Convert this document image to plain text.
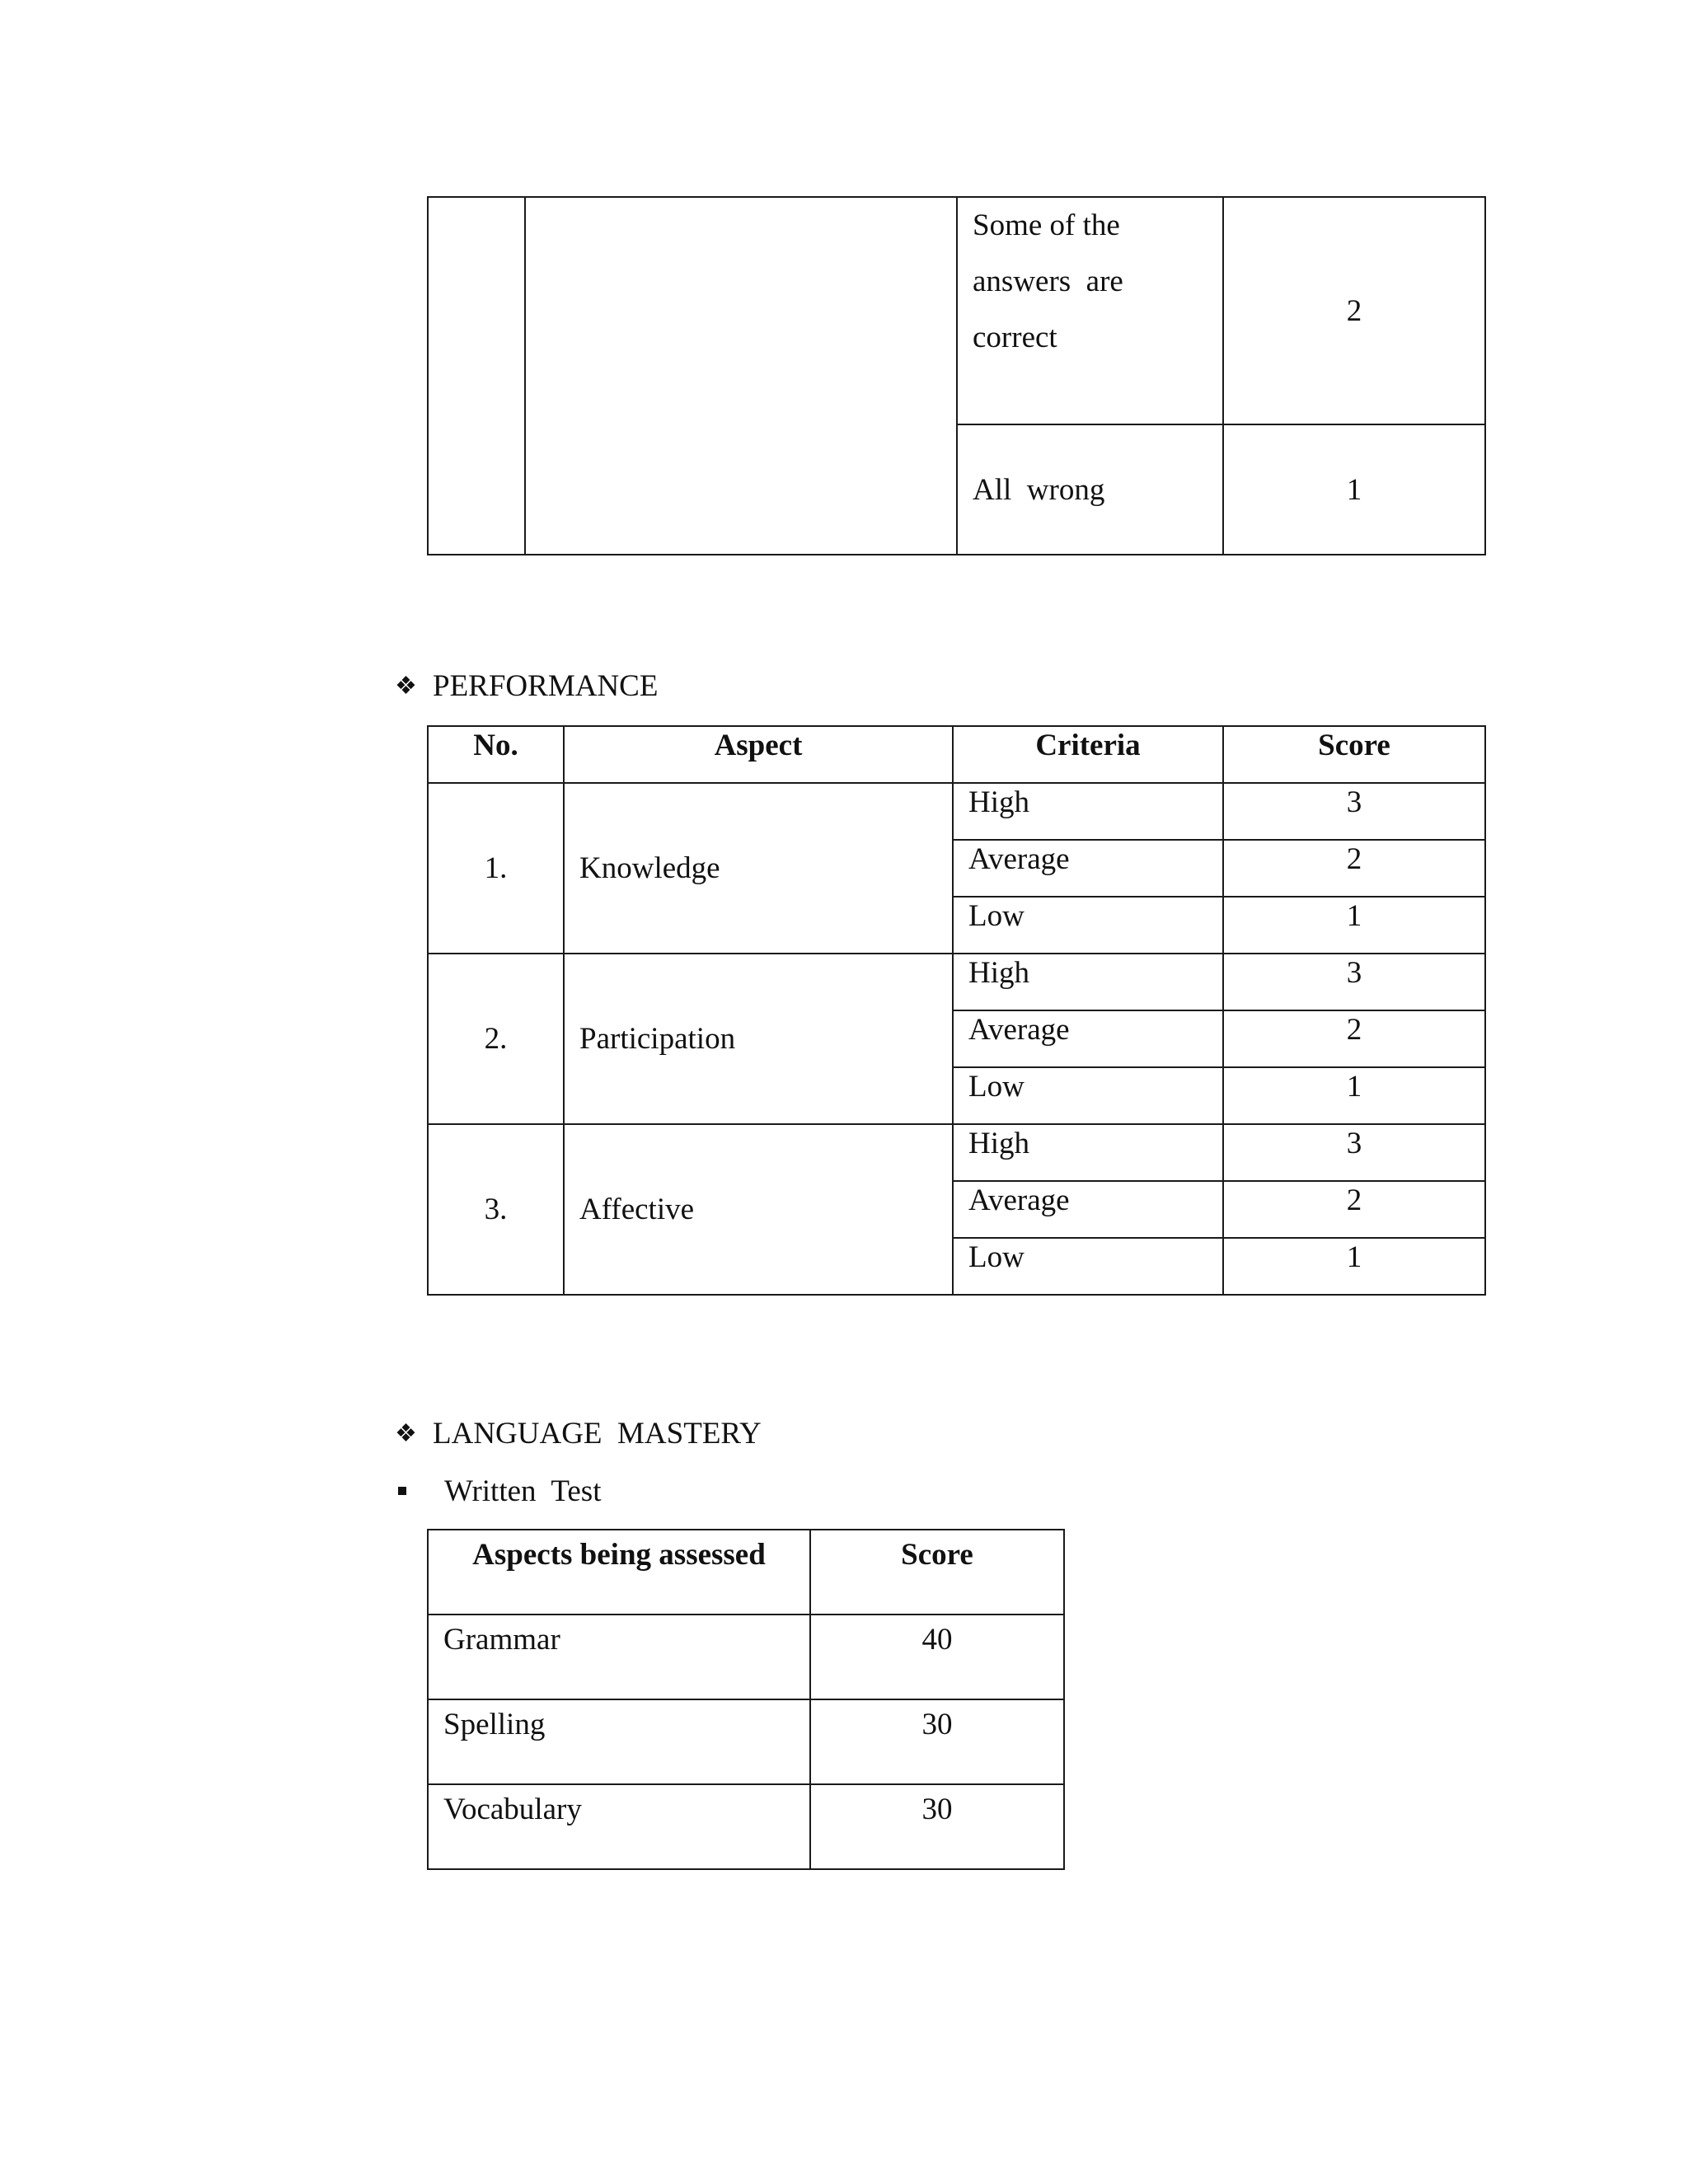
		Some of the
answers  are
correct	2
		All  wrong	1
❖ PERFORMANCE
No.	Aspect	Criteria	Score
1.	Knowledge	High	3
		Average	2
		Low	1
2.	Participation	High	3
		Average	2
		Low	1
3.	Affective	High	3
		Average	2
		Low	1
❖ LANGUAGE  MASTERY
Written  Test
Aspects being assessed	Score
Grammar	40
Spelling	30
Vocabulary	30
